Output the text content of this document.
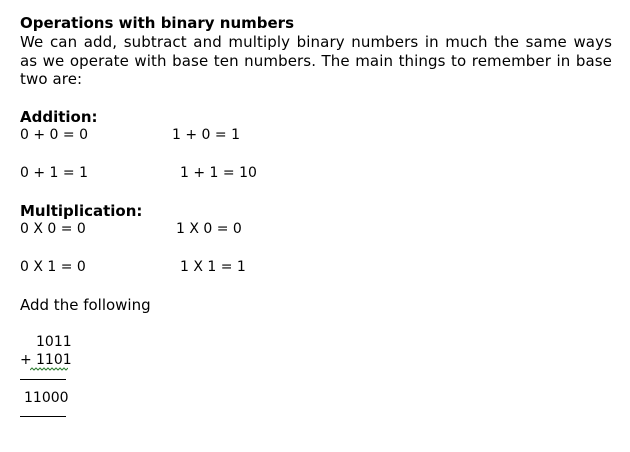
Operations with binary numbers
We can add, subtract and multiply binary numbers in much the same ways as we operate with base ten numbers. The main things to remember in base two are:
Addition:
0 + 0 = 0	1 + 0 = 1
0 + 1 = 1	1 + 1 = 10
Multiplication:
0 X 0 = 0	1 X 0 = 0
0 X 1 = 0	1 X 1 = 1
Add the following
1011
+ 1101
11000
